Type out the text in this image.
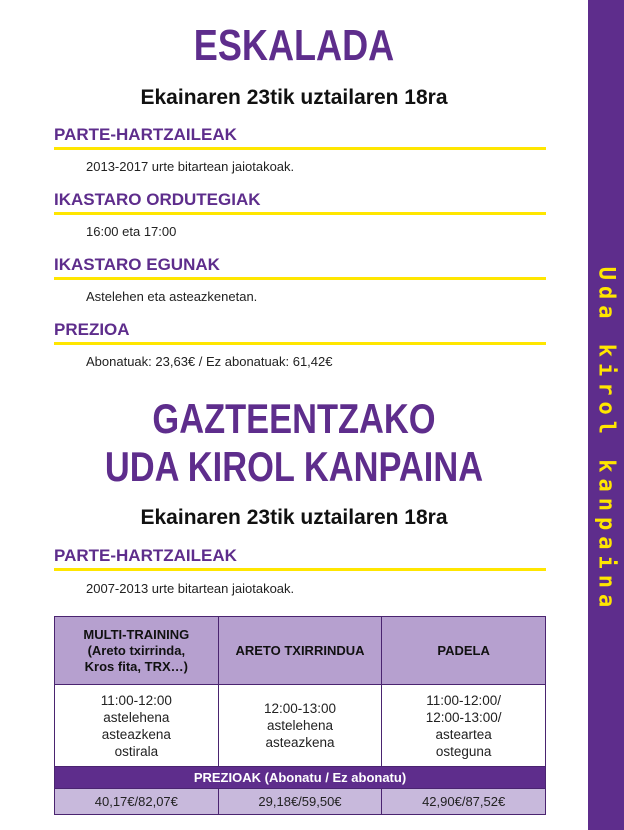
Uda kirol kanpaina
ESKALADA
Ekainaren 23tik uztailaren 18ra
PARTE-HARTZAILEAK
2013-2017 urte bitartean jaiotakoak.
IKASTARO ORDUTEGIAK
16:00 eta 17:00
IKASTARO EGUNAK
Astelehen eta asteazkenetan.
PREZIOA
Abonatuak: 23,63€ / Ez abonatuak: 61,42€
GAZTEENTZAKO
UDA KIROL KANPAINA
Ekainaren 23tik uztailaren 18ra
PARTE-HARTZAILEAK
2007-2013 urte bitartean jaiotakoak.
MULTI-TRAINING
(Areto txirrinda,
Kros fita, TRX…)	ARETO TXIRRINDUA	PADELA

11:00-12:00
astelehena
asteazkena
ostirala	12:00-13:00
astelehena
asteazkena	11:00-12:00/
12:00-13:00/
asteartea
osteguna

PREZIOAK (Abonatu / Ez abonatu)		
40,17€/82,07€	29,18€/59,50€	42,90€/87,52€
